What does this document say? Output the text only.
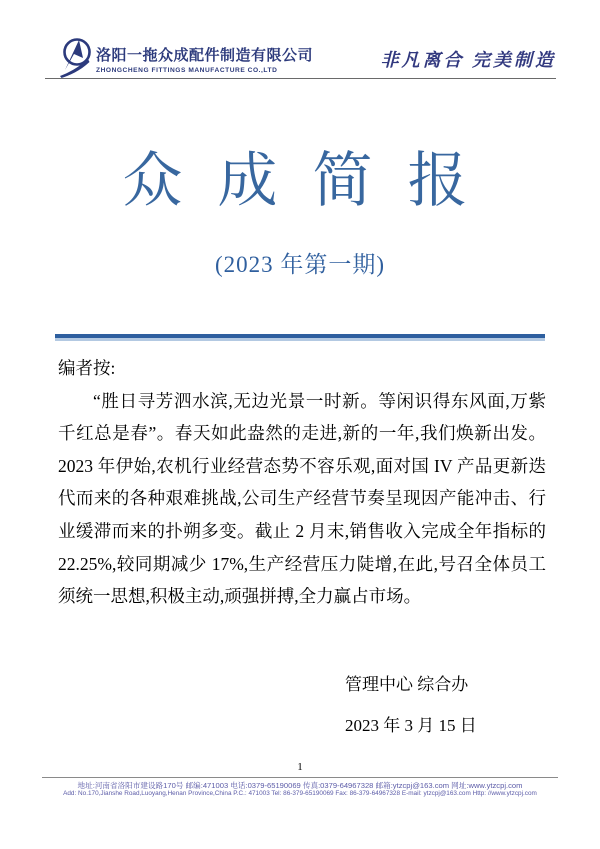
洛阳一拖众成配件制造有限公司
ZHONGCHENG FITTINGS MANUFACTURE CO.,LTD
非凡离合 完美制造
众 成 简 报
(2023 年第一期)
编者按:

“胜日寻芳泗水滨,无边光景一时新。等闲识得东风面,万紫千红总是春”。春天如此盎然的走进,新的一年,我们焕新出发。2023 年伊始,农机行业经营态势不容乐观,面对国 IV 产品更新迭代而来的各种艰难挑战,公司生产经营节奏呈现因产能冲击、行业缓滞而来的扑朔多变。截止 2 月末,销售收入完成全年指标的 22.25%,较同期减少 17%,生产经营压力陡增,在此,号召全体员工须统一思想,积极主动,顽强拼搏,全力赢占市场。

管理中心 综合办
2023 年 3 月 15 日
1
地址:河南省洛阳市建设路170号 邮编:471003 电话:0379-65190069 传真:0379-64967328 邮箱:ytzcpj@163.com 网址:www.ytzcpj.com
Add: No.170,Jianshe Road,Luoyang,Henan Province,China P.C.: 471003 Tel: 86-379-65190069 Fax: 86-379-64967328 E-mail: ytzcpj@163.com Http: //www.ytzcpj.com
